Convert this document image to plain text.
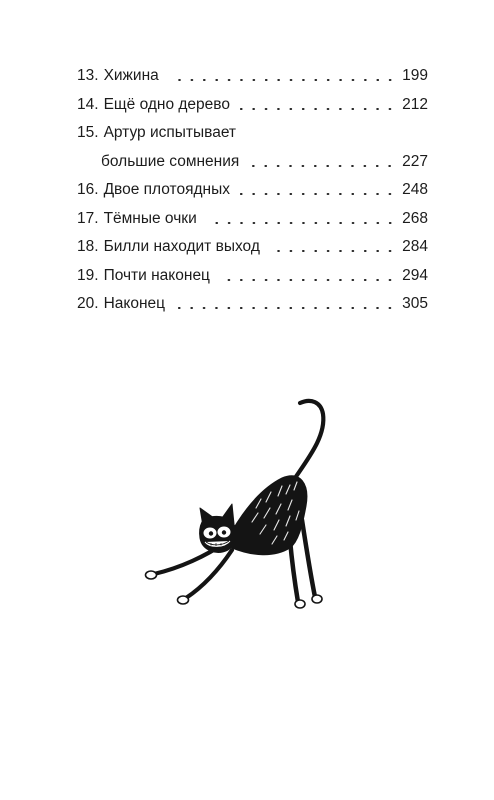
13. Хижина	199
14. Ещё одно дерево	212
15. Артур испытывает
большие сомнения	227
16. Двое плотоядных	248
17. Тёмные очки	268
18. Билли находит выход	284
19. Почти наконец	294
20. Наконец	305
